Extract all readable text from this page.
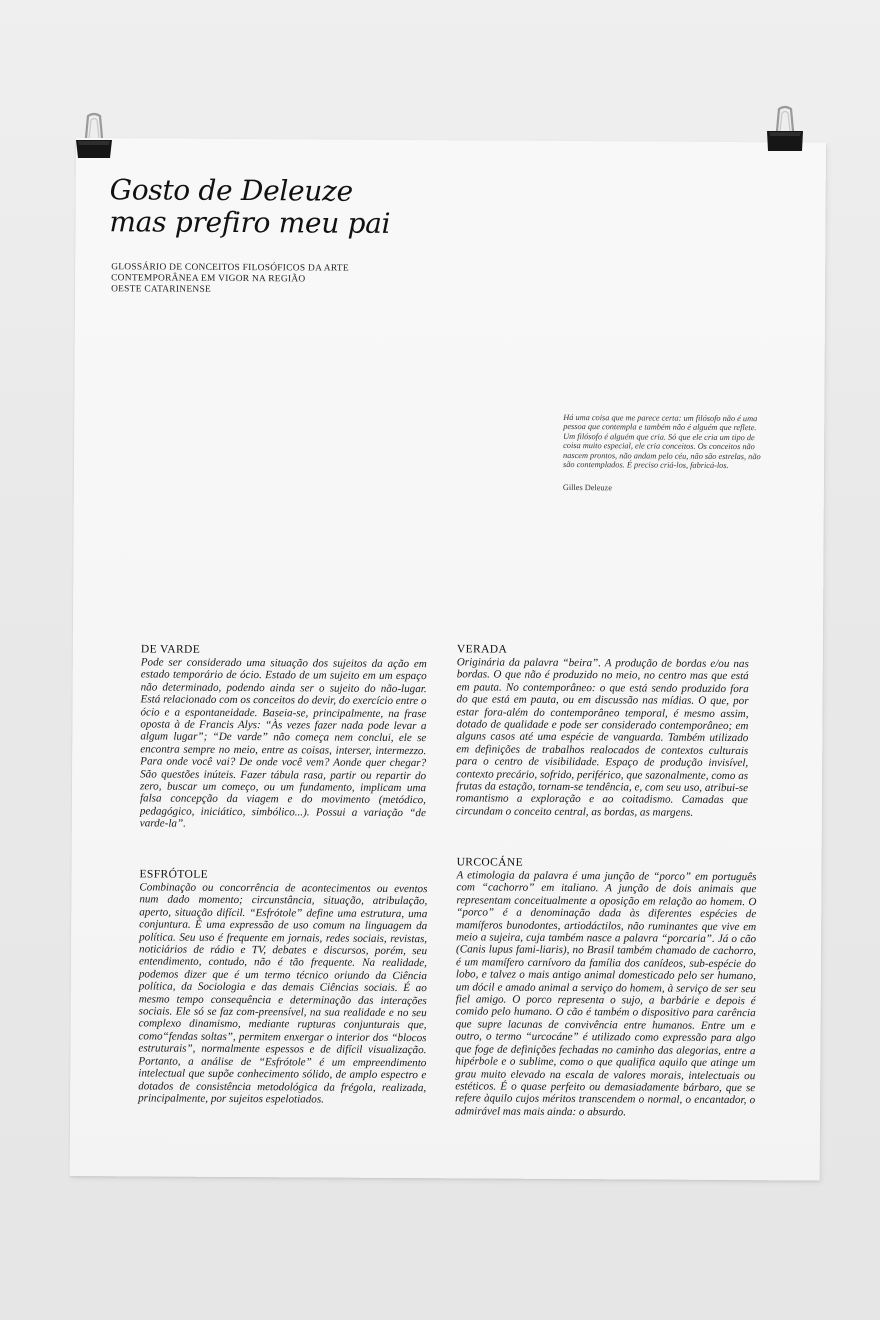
Gosto de Deleuze
mas prefiro meu pai
GLOSSÁRIO DE CONCEITOS FILOSÓFICOS DA ARTE
CONTEMPORÂNEA EM VIGOR NA REGIÃO
OESTE CATARINENSE
Há uma coisa que me parece certa: um filósofo não é uma pessoa que contempla e também não é alguém que reflete. Um filósofo é alguém que cria. Só que ele cria um tipo de coisa muito especial, ele cria conceitos. Os conceitos não nascem prontos, não andam pelo céu, não são estrelas, não são contemplados. É preciso criá-los, fabricá-los.
Gilles Deleuze
DE VARDE
Pode ser considerado uma situação dos sujeitos da ação em estado temporário de ócio. Estado de um sujeito em um espaço não determinado, podendo ainda ser o sujeito do não-lugar. Está relacionado com os conceitos do devir, do exercício entre o ócio e a espontaneidade. Baseia-se, principalmente, na frase oposta à de Francis Alys: “Às vezes fazer nada pode levar a algum lugar”; “De varde” não começa nem conclui, ele se encontra sempre no meio, entre as coisas, interser, intermezzo. Para onde você vai? De onde você vem? Aonde quer chegar? São questões inúteis. Fazer tábula rasa, partir ou repartir do zero, buscar um começo, ou um fundamento, implicam uma falsa concepção da viagem e do movimento (metódico, pedagógico, iniciático, simbólico...). Possui a variação “de varde-la”.
VERADA
Originária da palavra “beira”. A produção de bordas e/ou nas bordas. O que não é produzido no meio, no centro mas que está em pauta. No contemporâneo: o que está sendo produzido fora do que está em pauta, ou em discussão nas mídias. O que, por estar fora-além do contemporâneo temporal, é mesmo assim, dotado de qualidade e pode ser considerado contemporâneo; em alguns casos até uma espécie de vanguarda. Também utilizado em definições de trabalhos realocados de contextos culturais para o centro de visibilidade. Espaço de produção invisível, contexto precário, sofrido, periférico, que sazonalmente, como as frutas da estação, tornam-se tendência, e, com seu uso, atribui-se romantismo a exploração e ao coitadismo. Camadas que circundam o conceito central, as bordas, as margens.
ESFRÓTOLE
Combinação ou concorrência de acontecimentos ou eventos num dado momento; circunstância, situação, atribulação, aperto, situação difícil. “Esfrótole” define uma estrutura, uma conjuntura. É uma expressão de uso comum na linguagem da política. Seu uso é frequente em jornais, redes sociais, revistas, noticiários de rádio e TV, debates e discursos, porém, seu entendimento, contudo, não é tão frequente. Na realidade, podemos dizer que é um termo técnico oriundo da Ciência política, da Sociologia e das demais Ciências sociais. É ao mesmo tempo consequência e determinação das interações sociais. Ele só se faz com-preensível, na sua realidade e no seu complexo dinamismo, mediante rupturas conjunturais que, como“fendas soltas”, permitem enxergar o interior dos “blocos estruturais”, normalmente espessos e de difícil visualização. Portanto, a análise de “Esfrótole” é um empreendimento intelectual que supõe conhecimento sólido, de amplo espectro e dotados de consistência metodológica da frégola, realizada, principalmente, por sujeitos espelotiados.
URCOCÁNE
A etimologia da palavra é uma junção de “porco” em português com “cachorro” em italiano. A junção de dois animais que representam conceitualmente a oposição em relação ao homem. O “porco” é a denominação dada às diferentes espécies de mamíferos bunodontes, artiodáctilos, não ruminantes que vive em meio a sujeira, cuja também nasce a palavra “porcaria”. Já o cão (Canis lupus fami-liaris), no Brasil também chamado de cachorro, é um mamífero carnívoro da família dos canídeos, sub-espécie do lobo, e talvez o mais antigo animal domesticado pelo ser humano, um dócil e amado animal a serviço do homem, à serviço de ser seu fiel amigo. O porco representa o sujo, a barbárie e depois é comido pelo humano. O cão é também o dispositivo para carência que supre lacunas de convivência entre humanos. Entre um e outro, o termo “urcocáne” é utilizado como expressão para algo que foge de definições fechadas no caminho das alegorias, entre a hipérbole e o sublime, como o que qualifica aquilo que atinge um grau muito elevado na escala de valores morais, intelectuais ou estéticos. É o quase perfeito ou demasiadamente bárbaro, que se refere àquilo cujos méritos transcendem o normal, o encantador, o admirável mas mais ainda: o absurdo.
